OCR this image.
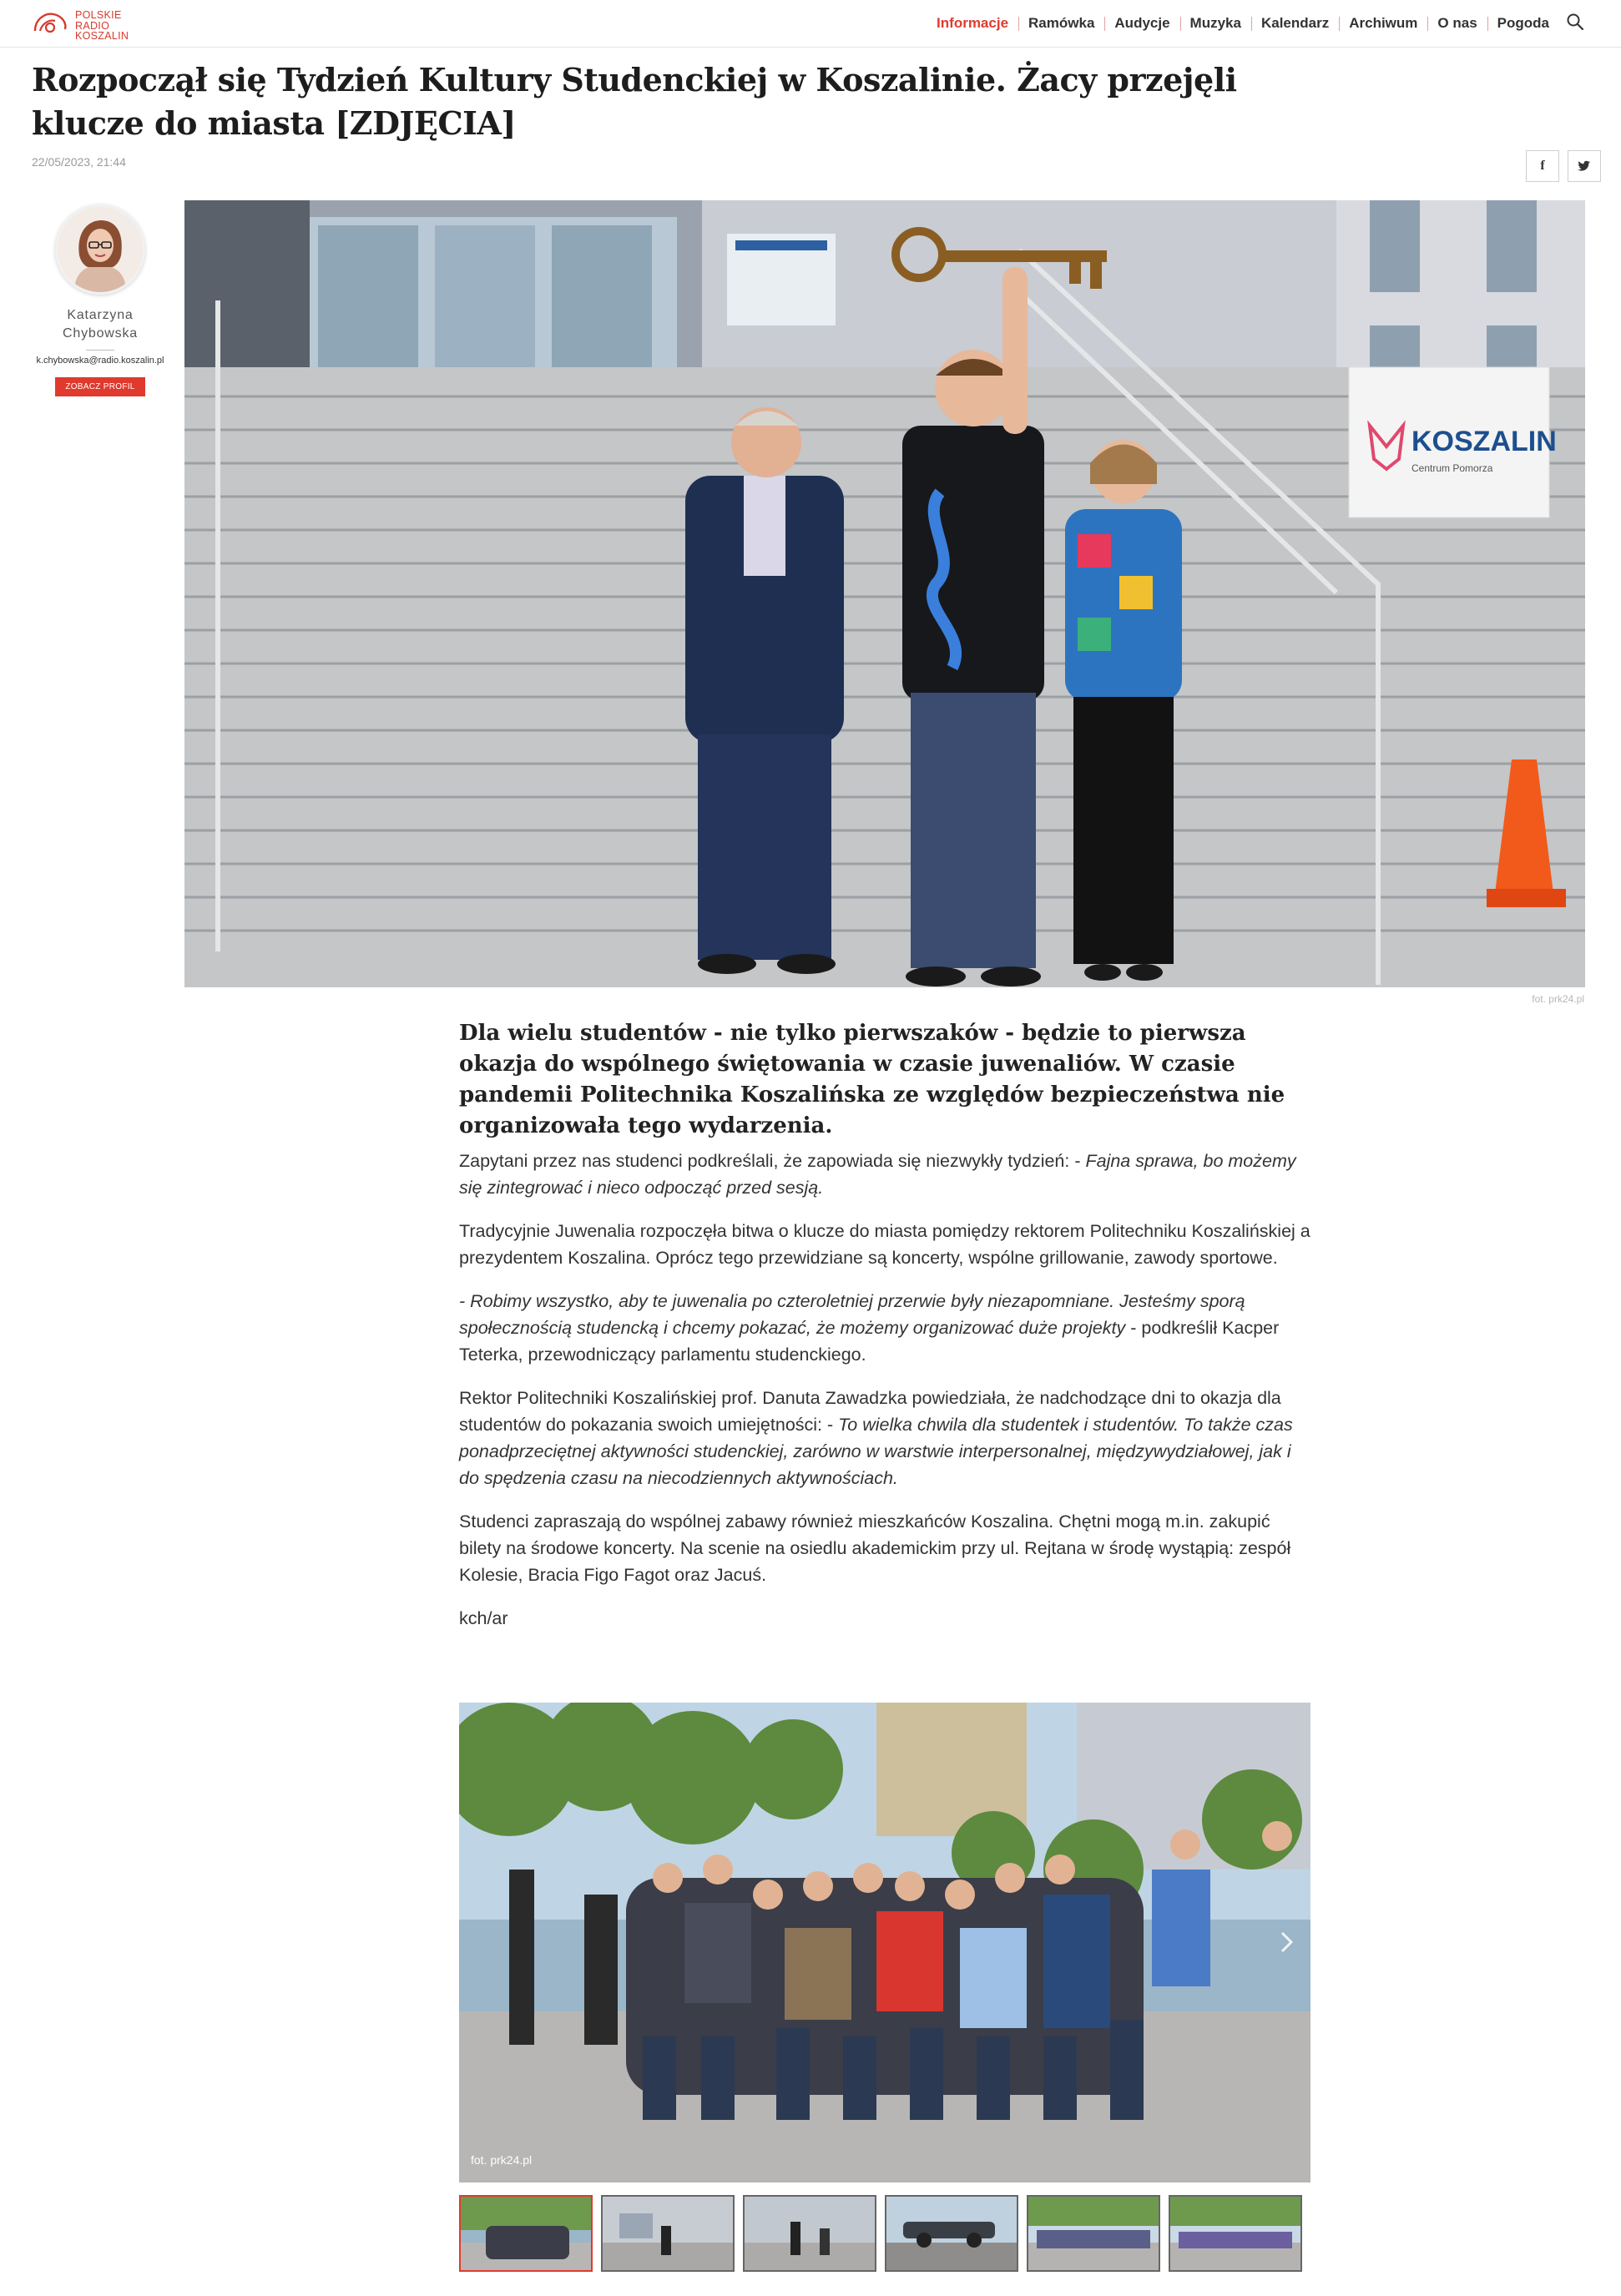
POLSKIE
RADIO
KOSZALIN
Informacje	Ramówka	Audycje	Muzyka	Kalendarz	Archiwum	O nas	Pogoda
Rozpoczął się Tydzień Kultury Studenckiej w Koszalinie. Żacy przejęli klucze do miasta [ZDJĘCIA]
22/05/2023, 21:44	f
Katarzyna
Chybowska
k.chybowska@radio.koszalin.pl
ZOBACZ PROFIL
KOSZALIN
Centrum Pomorza
fot. prk24.pl

Dla wielu studentów - nie tylko pierwszaków - będzie to pierwsza okazja do wspólnego świętowania w czasie juwenaliów. W czasie pandemii Politechnika Koszalińska ze względów bezpieczeństwa nie organizowała tego wydarzenia.

Zapytani przez nas studenci podkreślali, że zapowiada się niezwykły tydzień: - Fajna sprawa, bo możemy się zintegrować i nieco odpocząć przed sesją.

Tradycyjnie Juwenalia rozpoczęła bitwa o klucze do miasta pomiędzy rektorem Politechniku Koszalińskiej a prezydentem Koszalina. Oprócz tego przewidziane są koncerty, wspólne grillowanie, zawody sportowe.

- Robimy wszystko, aby te juwenalia po czteroletniej przerwie były niezapomniane. Jesteśmy sporą społecznością studencką i chcemy pokazać, że możemy organizować duże projekty - podkreślił Kacper Teterka, przewodniczący parlamentu studenckiego.

Rektor Politechniki Koszalińskiej prof. Danuta Zawadzka powiedziała, że nadchodzące dni to okazja dla studentów do pokazania swoich umiejętności: - To wielka chwila dla studentek i studentów. To także czas ponadprzeciętnej aktywności studenckiej, zarówno w warstwie interpersonalnej, międzywydziałowej, jak i do spędzenia czasu na niecodziennych aktywnościach.

Studenci zapraszają do wspólnej zabawy również mieszkańców Koszalina. Chętni mogą m.in. zakupić bilety na środowe koncerty. Na scenie na osiedlu akademickim przy ul. Rejtana w środę wystąpią: zespół Kolesie, Bracia Figo Fagot oraz Jacuś.

kch/ar

fot. prk24.pl
